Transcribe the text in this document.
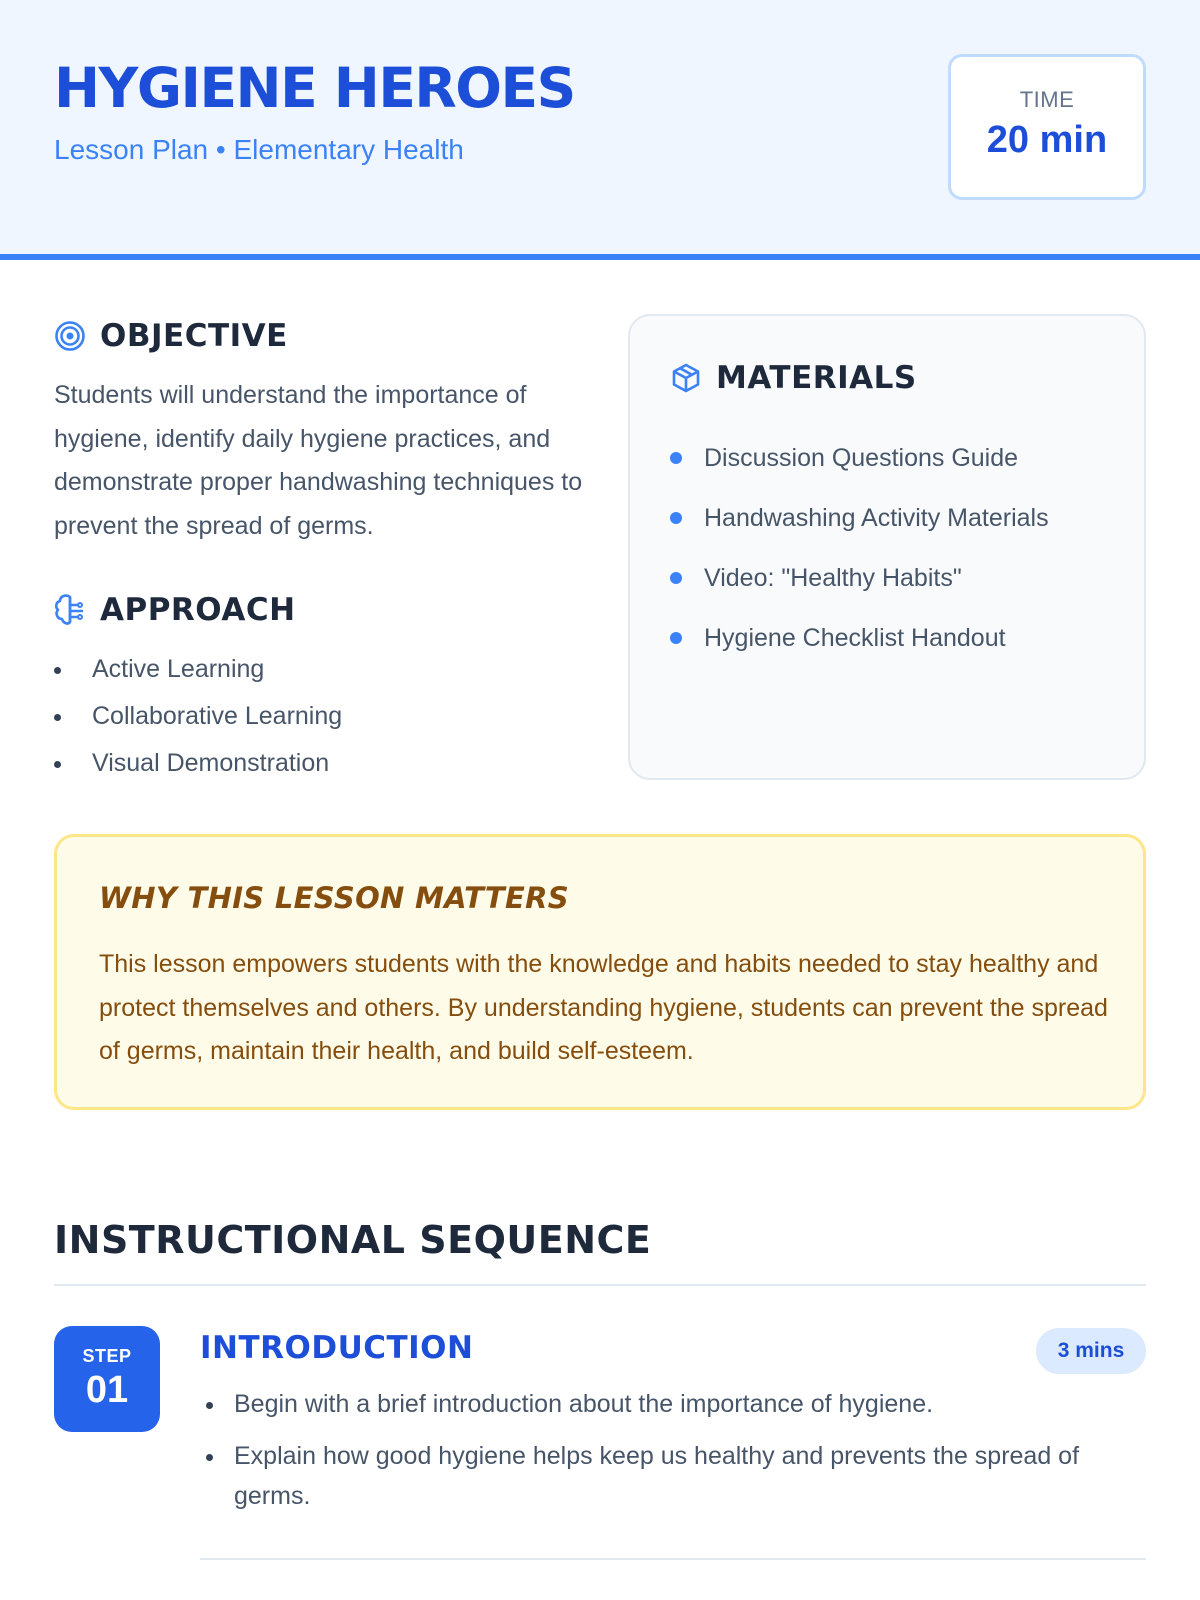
HYGIENE HEROES
Lesson Plan • Elementary Health
TIME
20 min
OBJECTIVE
Students will understand the importance of hygiene, identify daily hygiene practices, and demonstrate proper handwashing techniques to prevent the spread of germs.
APPROACH
Active Learning
Collaborative Learning
Visual Demonstration
MATERIALS
Discussion Questions Guide
Handwashing Activity Materials
Video: "Healthy Habits"
Hygiene Checklist Handout
WHY THIS LESSON MATTERS
This lesson empowers students with the knowledge and habits needed to stay healthy and protect themselves and others. By understanding hygiene, students can prevent the spread of germs, maintain their health, and build self-esteem.
INSTRUCTIONAL SEQUENCE
STEP
01
INTRODUCTION	3 mins
Begin with a brief introduction about the importance of hygiene.
Explain how good hygiene helps keep us healthy and prevents the spread of germs.
